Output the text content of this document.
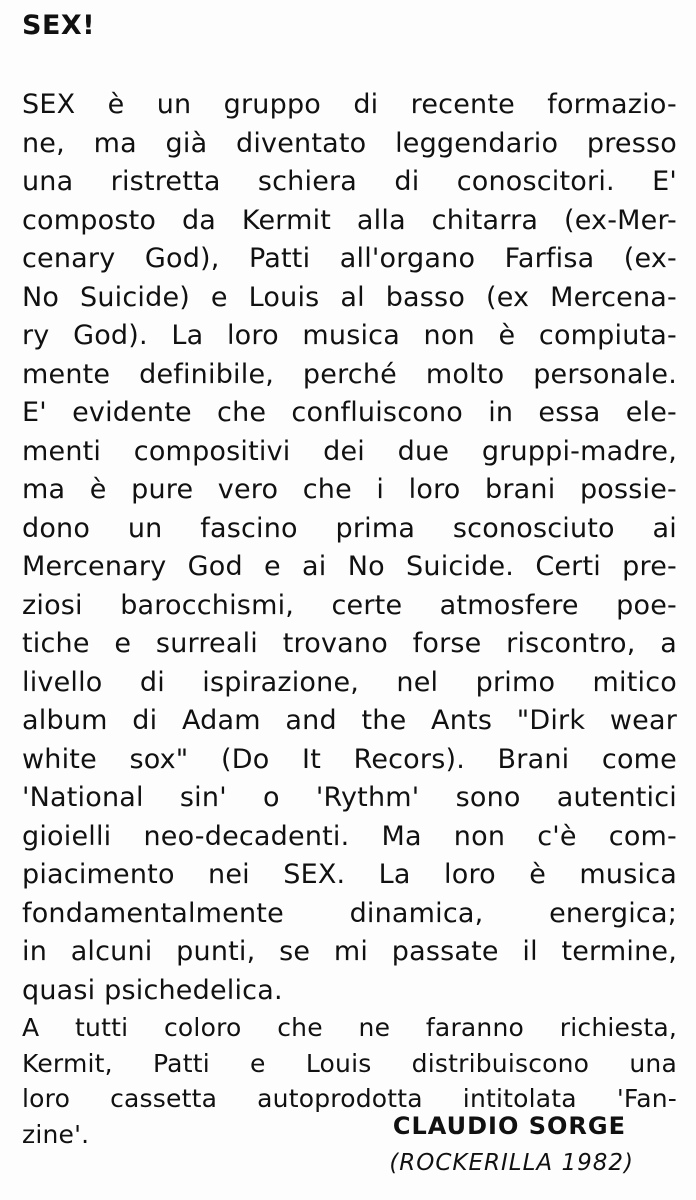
SEX!
SEX è un gruppo di recente formazio-
ne, ma già diventato leggendario presso
una ristretta schiera di conoscitori. E'
composto da Kermit alla chitarra (ex-Mer-
cenary God), Patti all'organo Farfisa (ex-
No Suicide) e Louis al basso (ex Mercena-
ry God). La loro musica non è compiuta-
mente definibile, perché molto personale.
E' evidente che confluiscono in essa ele-
menti compositivi dei due gruppi-madre,
ma è pure vero che i loro brani possie-
dono un fascino prima sconosciuto ai
Mercenary God e ai No Suicide. Certi pre-
ziosi barocchismi, certe atmosfere poe-
tiche e surreali trovano forse riscontro, a
livello di ispirazione, nel primo mitico
album di Adam and the Ants "Dirk wear
white sox" (Do It Recors). Brani come
'National sin' o 'Rythm' sono autentici
gioielli neo-decadenti. Ma non c'è com-
piacimento nei SEX. La loro è musica
fondamentalmente dinamica, energica;
in alcuni punti, se mi passate il termine,
quasi psichedelica.
A tutti coloro che ne faranno richiesta,
Kermit, Patti e Louis distribuiscono una
loro cassetta autoprodotta intitolata 'Fan-
zine'.	CLAUDIO SORGE
(ROCKERILLA 1982)
